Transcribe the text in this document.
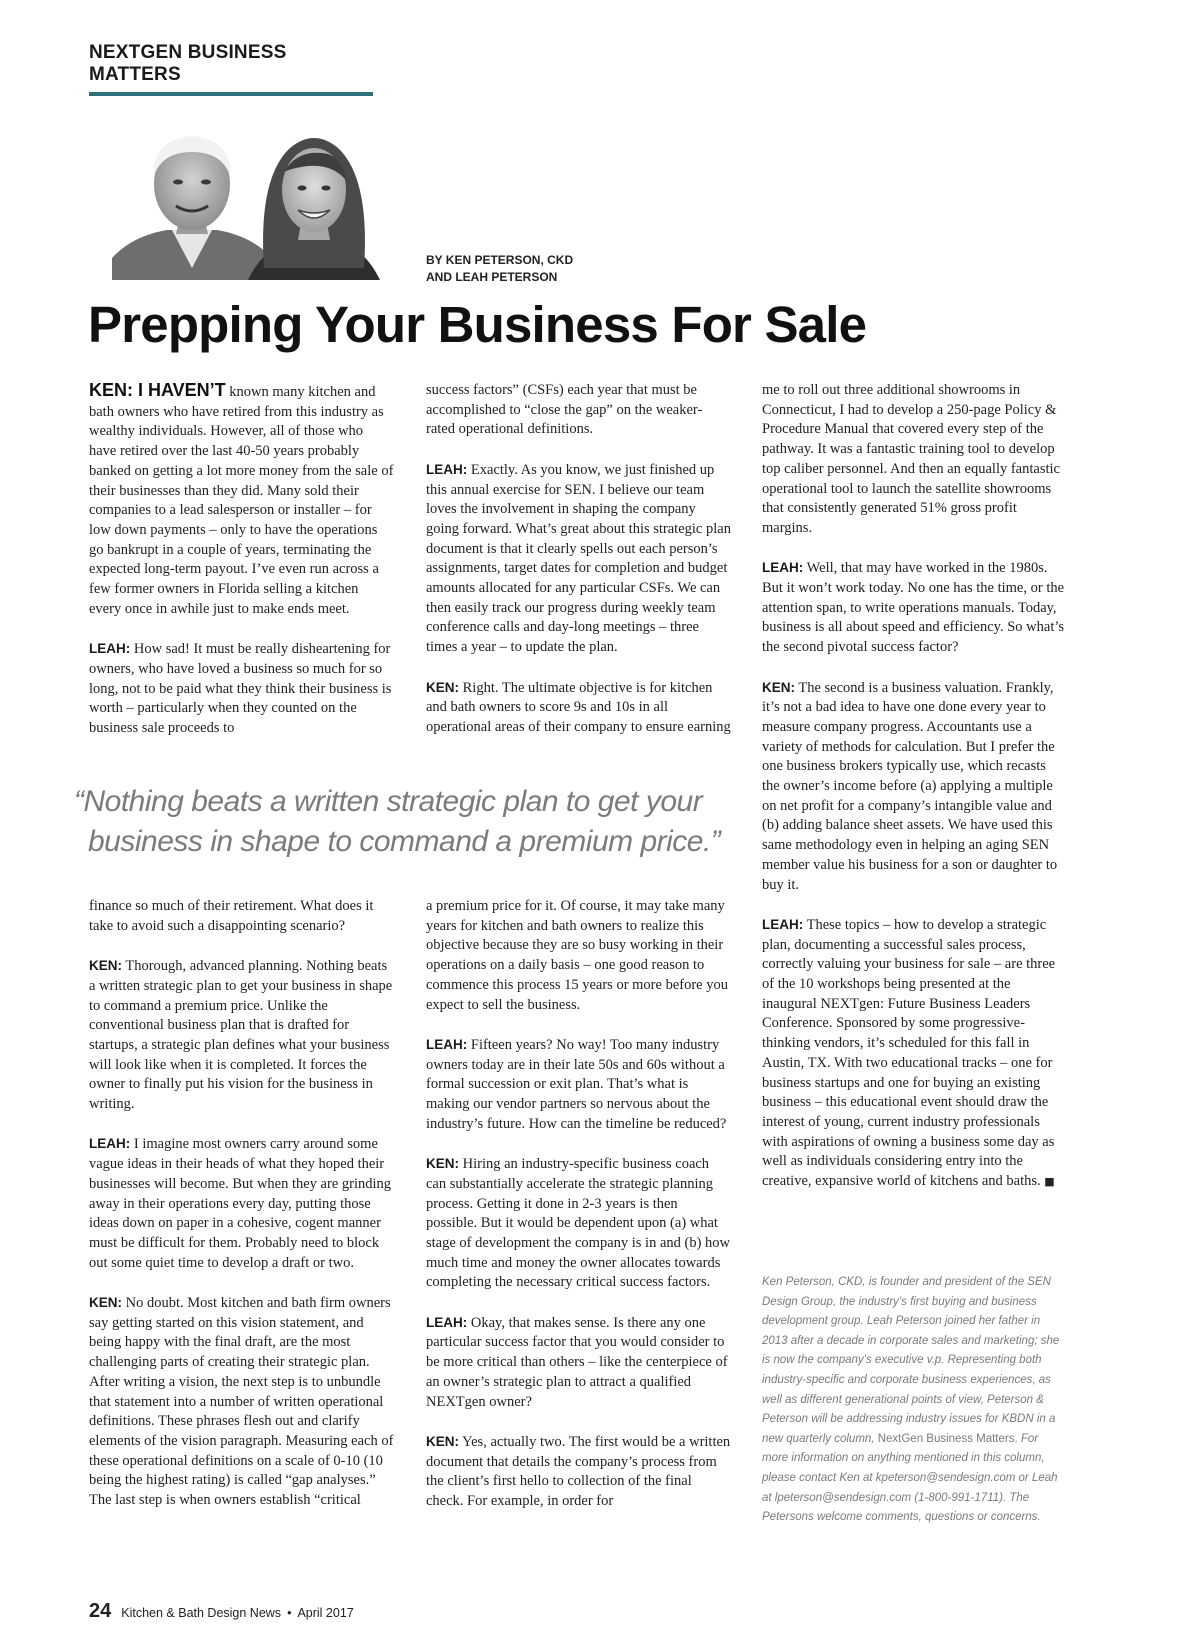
NEXTGEN BUSINESS MATTERS
BY KEN PETERSON, CKD
AND LEAH PETERSON
Prepping Your Business For Sale

KEN: I HAVEN’T known many kitchen and bath owners who have retired from this industry as wealthy individuals. However, all of those who have retired over the last 40-50 years probably banked on getting a lot more money from the sale of their businesses than they did. Many sold their companies to a lead salesperson or installer – for low down payments – only to have the operations go bankrupt in a couple of years, terminating the expected long-term payout. I’ve even run across a few former owners in Florida selling a kitchen every once in awhile just to make ends meet.

LEAH: How sad! It must be really disheartening for owners, who have loved a business so much for so long, not to be paid what they think their business is worth – particularly when they counted on the business sale proceeds to

success factors” (CSFs) each year that must be accomplished to “close the gap” on the weaker-rated operational definitions.

LEAH: Exactly. As you know, we just finished up this annual exercise for SEN. I believe our team loves the involvement in shaping the company going forward. What’s great about this strategic plan document is that it clearly spells out each person’s assignments, target dates for completion and budget amounts allocated for any particular CSFs. We can then easily track our progress during weekly team conference calls and day-long meetings – three times a year – to update the plan.

KEN: Right. The ultimate objective is for kitchen and bath owners to score 9s and 10s in all operational areas of their company to ensure earning

“Nothing beats a written strategic plan to get your
business in shape to command a premium price.”

finance so much of their retirement. What does it take to avoid such a disappointing scenario?

KEN: Thorough, advanced planning. Nothing beats a written strategic plan to get your business in shape to command a premium price. Unlike the conventional business plan that is drafted for startups, a strategic plan defines what your business will look like when it is completed. It forces the owner to finally put his vision for the business in writing.

LEAH: I imagine most owners carry around some vague ideas in their heads of what they hoped their businesses will become. But when they are grinding away in their operations every day, putting those ideas down on paper in a cohesive, cogent manner must be difficult for them. Probably need to block out some quiet time to develop a draft or two.

KEN: No doubt. Most kitchen and bath firm owners say getting started on this vision statement, and being happy with the final draft, are the most challenging parts of creating their strategic plan. After writing a vision, the next step is to unbundle that statement into a number of written operational definitions. These phrases flesh out and clarify elements of the vision paragraph. Measuring each of these operational definitions on a scale of 0-10 (10 being the highest rating) is called “gap analyses.” The last step is when owners establish “critical

a premium price for it. Of course, it may take many years for kitchen and bath owners to realize this objective because they are so busy working in their operations on a daily basis – one good reason to commence this process 15 years or more before you expect to sell the business.

LEAH: Fifteen years? No way! Too many industry owners today are in their late 50s and 60s without a formal succession or exit plan. That’s what is making our vendor partners so nervous about the industry’s future. How can the timeline be reduced?

KEN: Hiring an industry-specific business coach can substantially accelerate the strategic planning process. Getting it done in 2-3 years is then possible. But it would be dependent upon (a) what stage of development the company is in and (b) how much time and money the owner allocates towards completing the necessary critical success factors.

LEAH: Okay, that makes sense. Is there any one particular success factor that you would consider to be more critical than others – like the centerpiece of an owner’s strategic plan to attract a qualified NEXTgen owner?

KEN: Yes, actually two. The first would be a written document that details the company’s process from the client’s first hello to collection of the final check. For example, in order for

me to roll out three additional showrooms in Connecticut, I had to develop a 250-page Policy & Procedure Manual that covered every step of the pathway. It was a fantastic training tool to develop top caliber personnel. And then an equally fantastic operational tool to launch the satellite showrooms that consistently generated 51% gross profit margins.

LEAH: Well, that may have worked in the 1980s. But it won’t work today. No one has the time, or the attention span, to write operations manuals. Today, business is all about speed and efficiency. So what’s the second pivotal success factor?

KEN: The second is a business valuation. Frankly, it’s not a bad idea to have one done every year to measure company progress. Accountants use a variety of methods for calculation. But I prefer the one business brokers typically use, which recasts the owner’s income before (a) applying a multiple on net profit for a company’s intangible value and (b) adding balance sheet assets. We have used this same methodology even in helping an aging SEN member value his business for a son or daughter to buy it.

LEAH: These topics – how to develop a strategic plan, documenting a successful sales process, correctly valuing your business for sale – are three of the 10 workshops being presented at the inaugural NEXTgen: Future Business Leaders Conference. Sponsored by some progressive-thinking vendors, it’s scheduled for this fall in Austin, TX. With two educational tracks – one for business startups and one for buying an existing business – this educational event should draw the interest of young, current industry professionals with aspirations of owning a business some day as well as individuals considering entry into the creative, expansive world of kitchens and baths. ■

Ken Peterson, CKD, is founder and president of the SEN Design Group, the industry’s first buying and business development group. Leah Peterson joined her father in 2013 after a decade in corporate sales and marketing; she is now the company’s executive v.p. Representing both industry-specific and corporate business experiences, as well as different generational points of view, Peterson & Peterson will be addressing industry issues for KBDN in a new quarterly column, NextGen Business Matters. For more information on anything mentioned in this column, please contact Ken at kpeterson@sendesign.com or Leah at lpeterson@sendesign.com (1-800-991-1711). The Petersons welcome comments, questions or concerns.
24 Kitchen & Bath Design News • April 2017
